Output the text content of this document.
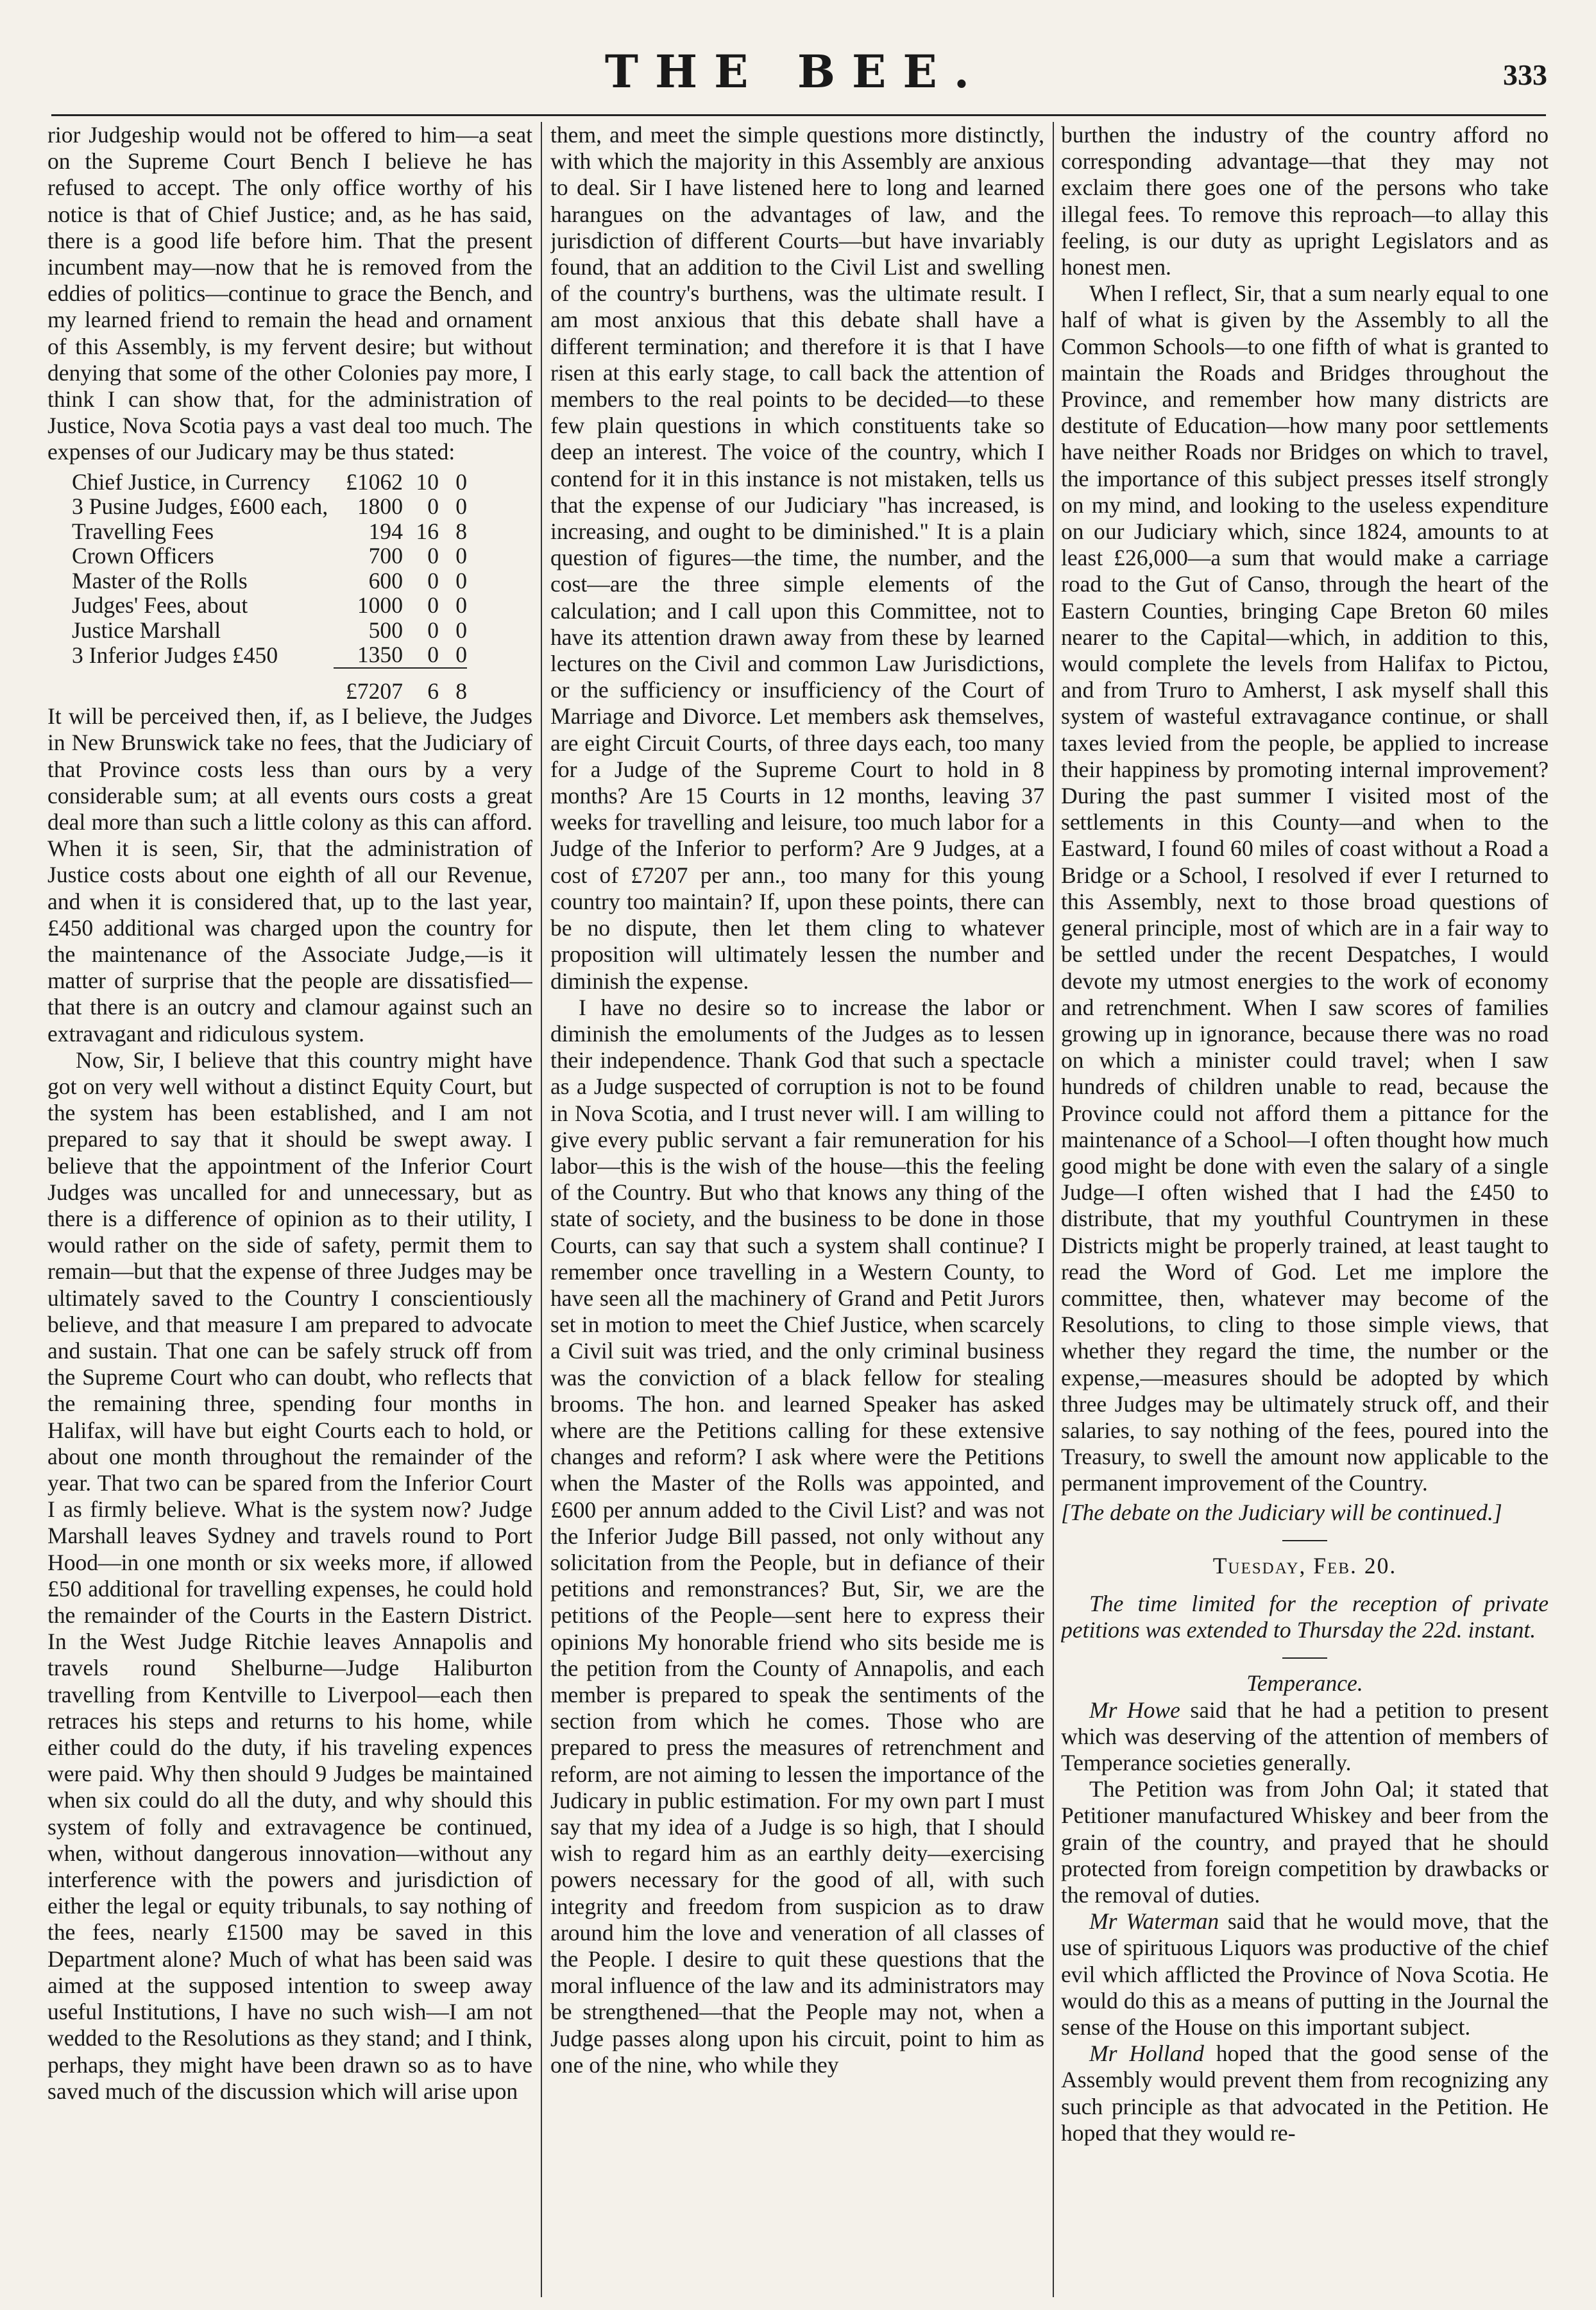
THE BEE.	333

rior Judgeship would not be offered to him—a seat on the Supreme Court Bench I believe he has refused to accept. The only office worthy of his notice is that of Chief Justice; and, as he has said, there is a good life before him. That the present incumbent may—now that he is removed from the eddies of politics—continue to grace the Bench, and my learned friend to remain the head and ornament of this Assembly, is my fervent desire; but without denying that some of the other Colonies pay more, I think I can show that, for the administration of Justice, Nova Scotia pays a vast deal too much. The expenses of our Judicary may be thus stated:

Chief Justice, in Currency	£1062	10	0
3 Pusine Judges, £600 each,	1800	0	0
Travelling Fees	194	16	8
Crown Officers	700	0	0
Master of the Rolls	600	0	0
Judges' Fees, about	1000	0	0
Justice Marshall	500	0	0
3 Inferior Judges £450	1350	0	0
	£7207	6	8

It will be perceived then, if, as I believe, the Judges in New Brunswick take no fees, that the Judiciary of that Province costs less than ours by a very considerable sum; at all events ours costs a great deal more than such a little colony as this can afford. When it is seen, Sir, that the administration of Justice costs about one eighth of all our Revenue, and when it is considered that, up to the last year, £450 additional was charged upon the country for the maintenance of the Associate Judge,—is it matter of surprise that the people are dissatisfied—that there is an outcry and clamour against such an extravagant and ridiculous system.

Now, Sir, I believe that this country might have got on very well without a distinct Equity Court, but the system has been established, and I am not prepared to say that it should be swept away. I believe that the appointment of the Inferior Court Judges was uncalled for and unnecessary, but as there is a difference of opinion as to their utility, I would rather on the side of safety, permit them to remain—but that the expense of three Judges may be ultimately saved to the Country I conscientiously believe, and that measure I am prepared to advocate and sustain. That one can be safely struck off from the Supreme Court who can doubt, who reflects that the remaining three, spending four months in Halifax, will have but eight Courts each to hold, or about one month throughout the remainder of the year. That two can be spared from the Inferior Court I as firmly believe. What is the system now? Judge Marshall leaves Sydney and travels round to Port Hood—in one month or six weeks more, if allowed £50 additional for travelling expenses, he could hold the remainder of the Courts in the Eastern District. In the West Judge Ritchie leaves Annapolis and travels round Shelburne—Judge Haliburton travelling from Kentville to Liverpool—each then retraces his steps and returns to his home, while either could do the duty, if his traveling expences were paid. Why then should 9 Judges be maintained when six could do all the duty, and why should this system of folly and extravagence be continued, when, without dangerous innovation—without any interference with the powers and jurisdiction of either the legal or equity tribunals, to say nothing of the fees, nearly £1500 may be saved in this Department alone? Much of what has been said was aimed at the supposed intention to sweep away useful Institutions, I have no such wish—I am not wedded to the Resolutions as they stand; and I think, perhaps, they might have been drawn so as to have saved much of the discussion which will arise upon

them, and meet the simple questions more distinctly, with which the majority in this Assembly are anxious to deal. Sir I have listened here to long and learned harangues on the advantages of law, and the jurisdiction of different Courts—but have invariably found, that an addition to the Civil List and swelling of the country's burthens, was the ultimate result. I am most anxious that this debate shall have a different termination; and therefore it is that I have risen at this early stage, to call back the attention of members to the real points to be decided—to these few plain questions in which constituents take so deep an interest. The voice of the country, which I contend for it in this instance is not mistaken, tells us that the expense of our Judiciary "has increased, is increasing, and ought to be diminished." It is a plain question of figures—the time, the number, and the cost—are the three simple elements of the calculation; and I call upon this Committee, not to have its attention drawn away from these by learned lectures on the Civil and common Law Jurisdictions, or the sufficiency or insufficiency of the Court of Marriage and Divorce. Let members ask themselves, are eight Circuit Courts, of three days each, too many for a Judge of the Supreme Court to hold in 8 months? Are 15 Courts in 12 months, leaving 37 weeks for travelling and leisure, too much labor for a Judge of the Inferior to perform? Are 9 Judges, at a cost of £7207 per ann., too many for this young country too maintain? If, upon these points, there can be no dispute, then let them cling to whatever proposition will ultimately lessen the number and diminish the expense.

I have no desire so to increase the labor or diminish the emoluments of the Judges as to lessen their independence. Thank God that such a spectacle as a Judge suspected of corruption is not to be found in Nova Scotia, and I trust never will. I am willing to give every public servant a fair remuneration for his labor—this is the wish of the house—this the feeling of the Country. But who that knows any thing of the state of society, and the business to be done in those Courts, can say that such a system shall continue? I remember once travelling in a Western County, to have seen all the machinery of Grand and Petit Jurors set in motion to meet the Chief Justice, when scarcely a Civil suit was tried, and the only criminal business was the conviction of a black fellow for stealing brooms. The hon. and learned Speaker has asked where are the Petitions calling for these extensive changes and reform? I ask where were the Petitions when the Master of the Rolls was appointed, and £600 per annum added to the Civil List? and was not the Inferior Judge Bill passed, not only without any solicitation from the People, but in defiance of their petitions and remonstrances? But, Sir, we are the petitions of the People—sent here to express their opinions My honorable friend who sits beside me is the petition from the County of Annapolis, and each member is prepared to speak the sentiments of the section from which he comes. Those who are prepared to press the measures of retrenchment and reform, are not aiming to lessen the importance of the Judicary in public estimation. For my own part I must say that my idea of a Judge is so high, that I should wish to regard him as an earthly deity—exercising powers necessary for the good of all, with such integrity and freedom from suspicion as to draw around him the love and veneration of all classes of the People. I desire to quit these questions that the moral influence of the law and its administrators may be strengthened—that the People may not, when a Judge passes along upon his circuit, point to him as one of the nine, who while they

burthen the industry of the country afford no corresponding advantage—that they may not exclaim there goes one of the persons who take illegal fees. To remove this reproach—to allay this feeling, is our duty as upright Legislators and as honest men.

When I reflect, Sir, that a sum nearly equal to one half of what is given by the Assembly to all the Common Schools—to one fifth of what is granted to maintain the Roads and Bridges throughout the Province, and remember how many districts are destitute of Education—how many poor settlements have neither Roads nor Bridges on which to travel, the importance of this subject presses itself strongly on my mind, and looking to the useless expenditure on our Judiciary which, since 1824, amounts to at least £26,000—a sum that would make a carriage road to the Gut of Canso, through the heart of the Eastern Counties, bringing Cape Breton 60 miles nearer to the Capital—which, in addition to this, would complete the levels from Halifax to Pictou, and from Truro to Amherst, I ask myself shall this system of wasteful extravagance continue, or shall taxes levied from the people, be applied to increase their happiness by promoting internal improvement? During the past summer I visited most of the settlements in this County—and when to the Eastward, I found 60 miles of coast without a Road a Bridge or a School, I resolved if ever I returned to this Assembly, next to those broad questions of general principle, most of which are in a fair way to be settled under the recent Despatches, I would devote my utmost energies to the work of economy and retrenchment. When I saw scores of families growing up in ignorance, because there was no road on which a minister could travel; when I saw hundreds of children unable to read, because the Province could not afford them a pittance for the maintenance of a School—I often thought how much good might be done with even the salary of a single Judge—I often wished that I had the £450 to distribute, that my youthful Countrymen in these Districts might be properly trained, at least taught to read the Word of God. Let me implore the committee, then, whatever may become of the Resolutions, to cling to those simple views, that whether they regard the time, the number or the expense,—measures should be adopted by which three Judges may be ultimately struck off, and their salaries, to say nothing of the fees, poured into the Treasury, to swell the amount now applicable to the permanent improvement of the Country.

[The debate on the Judiciary will be continued.]

Tuesday, Feb. 20.

The time limited for the reception of private petitions was extended to Thursday the 22d. instant.

Temperance.

Mr Howe said that he had a petition to present which was deserving of the attention of members of Temperance societies generally.

The Petition was from John Oal; it stated that Petitioner manufactured Whiskey and beer from the grain of the country, and prayed that he should protected from foreign competition by drawbacks or the removal of duties.

Mr Waterman said that he would move, that the use of spirituous Liquors was productive of the chief evil which afflicted the Province of Nova Scotia. He would do this as a means of putting in the Journal the sense of the House on this important subject.

Mr Holland hoped that the good sense of the Assembly would prevent them from recognizing any such principle as that advocated in the Petition. He hoped that they would re-
